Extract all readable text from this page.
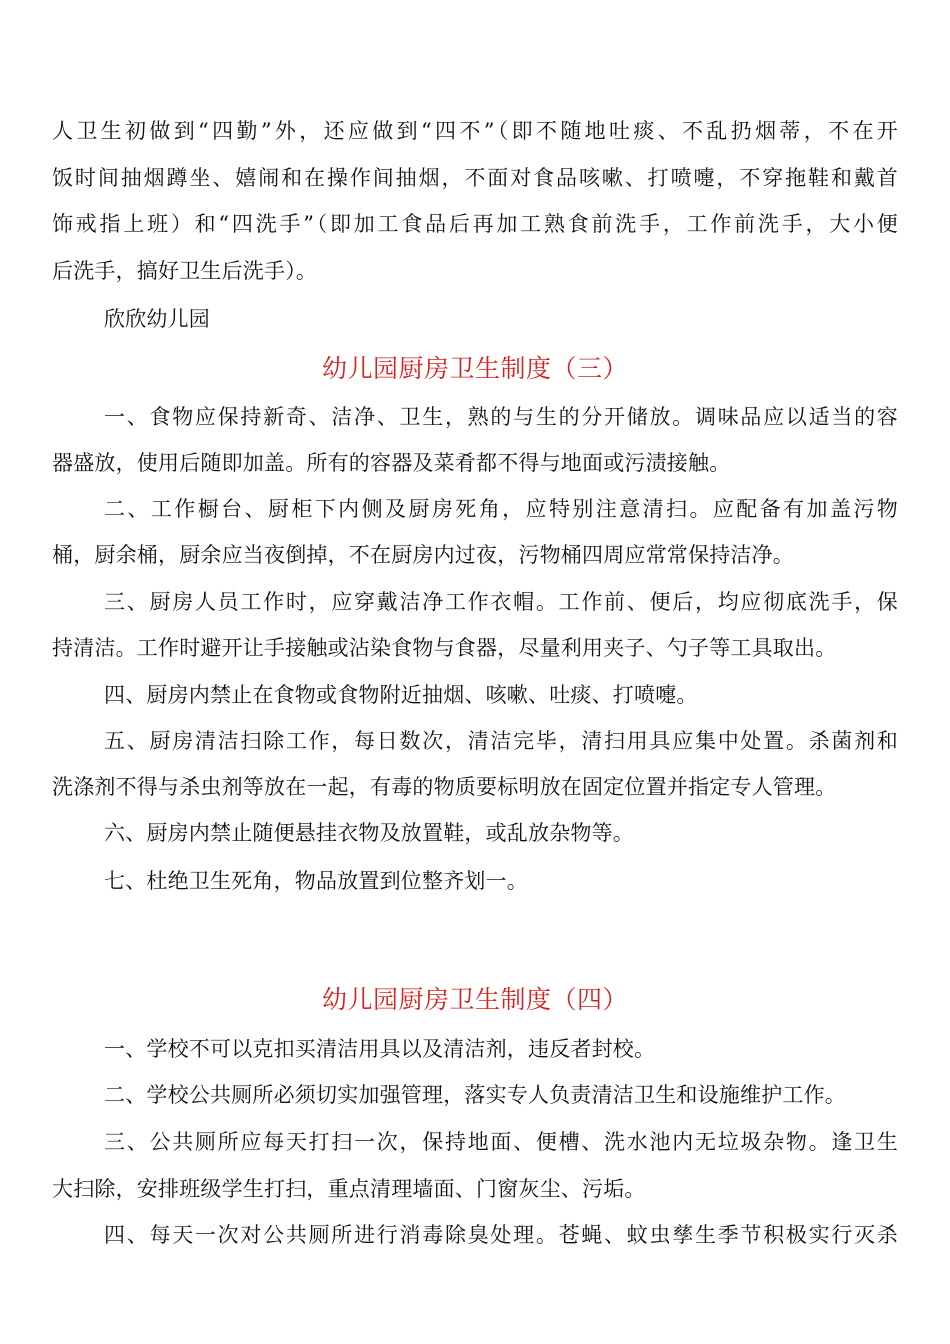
人卫生初做到“四勤”外，还应做到“四不”（即不随地吐痰、不乱扔烟蒂，不在开
饭时间抽烟蹲坐、嬉闹和在操作间抽烟，不面对食品咳嗽、打喷嚏，不穿拖鞋和戴首
饰戒指上班）和“四洗手”（即加工食品后再加工熟食前洗手，工作前洗手，大小便
后洗手，搞好卫生后洗手）。
欣欣幼儿园
幼儿园厨房卫生制度（三）
一、食物应保持新奇、洁净、卫生，熟的与生的分开储放。调味品应以适当的容
器盛放，使用后随即加盖。所有的容器及菜肴都不得与地面或污渍接触。
二、工作橱台、厨柜下内侧及厨房死角，应特别注意清扫。应配备有加盖污物
桶，厨余桶，厨余应当夜倒掉，不在厨房内过夜，污物桶四周应常常保持洁净。
三、厨房人员工作时，应穿戴洁净工作衣帽。工作前、便后，均应彻底洗手，保
持清洁。工作时避开让手接触或沾染食物与食器，尽量利用夹子、勺子等工具取出。
四、厨房内禁止在食物或食物附近抽烟、咳嗽、吐痰、打喷嚏。
五、厨房清洁扫除工作，每日数次，清洁完毕，清扫用具应集中处置。杀菌剂和
洗涤剂不得与杀虫剂等放在一起，有毒的物质要标明放在固定位置并指定专人管理。
六、厨房内禁止随便悬挂衣物及放置鞋，或乱放杂物等。
七、杜绝卫生死角，物品放置到位整齐划一。
幼儿园厨房卫生制度（四）
一、学校不可以克扣买清洁用具以及清洁剂，违反者封校。
二、学校公共厕所必须切实加强管理，落实专人负责清洁卫生和设施维护工作。
三、公共厕所应每天打扫一次，保持地面、便槽、洗水池内无垃圾杂物。逢卫生
大扫除，安排班级学生打扫，重点清理墙面、门窗灰尘、污垢。
四、每天一次对公共厕所进行消毒除臭处理。苍蝇、蚊虫孳生季节积极实行灭杀
